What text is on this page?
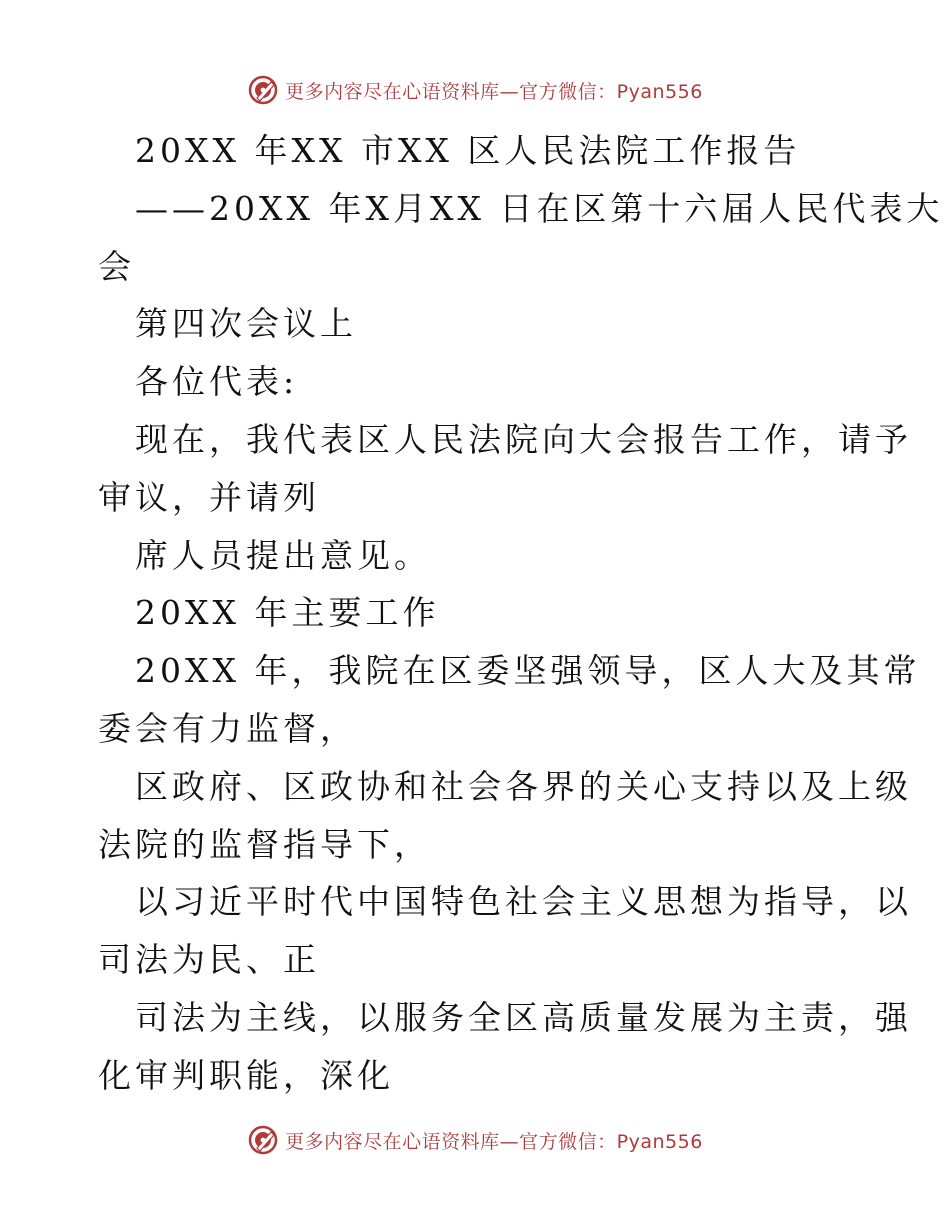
更多内容尽在心语资料库—官方微信：Pyan556
20XX 年XX 市XX 区人民法院工作报告
——20XX 年X月XX 日在区第十六届人民代表大
会
第四次会议上
各位代表:
现在，我代表区人民法院向大会报告工作，请予
审议，并请列
席人员提出意见。
20XX 年主要工作
20XX 年，我院在区委坚强领导，区人大及其常
委会有力监督，
区政府、区政协和社会各界的关心支持以及上级
法院的监督指导下，
以习近平时代中国特色社会主义思想为指导，以
司法为民、正
司法为主线，以服务全区高质量发展为主责，强
化审判职能，深化
更多内容尽在心语资料库—官方微信：Pyan556
